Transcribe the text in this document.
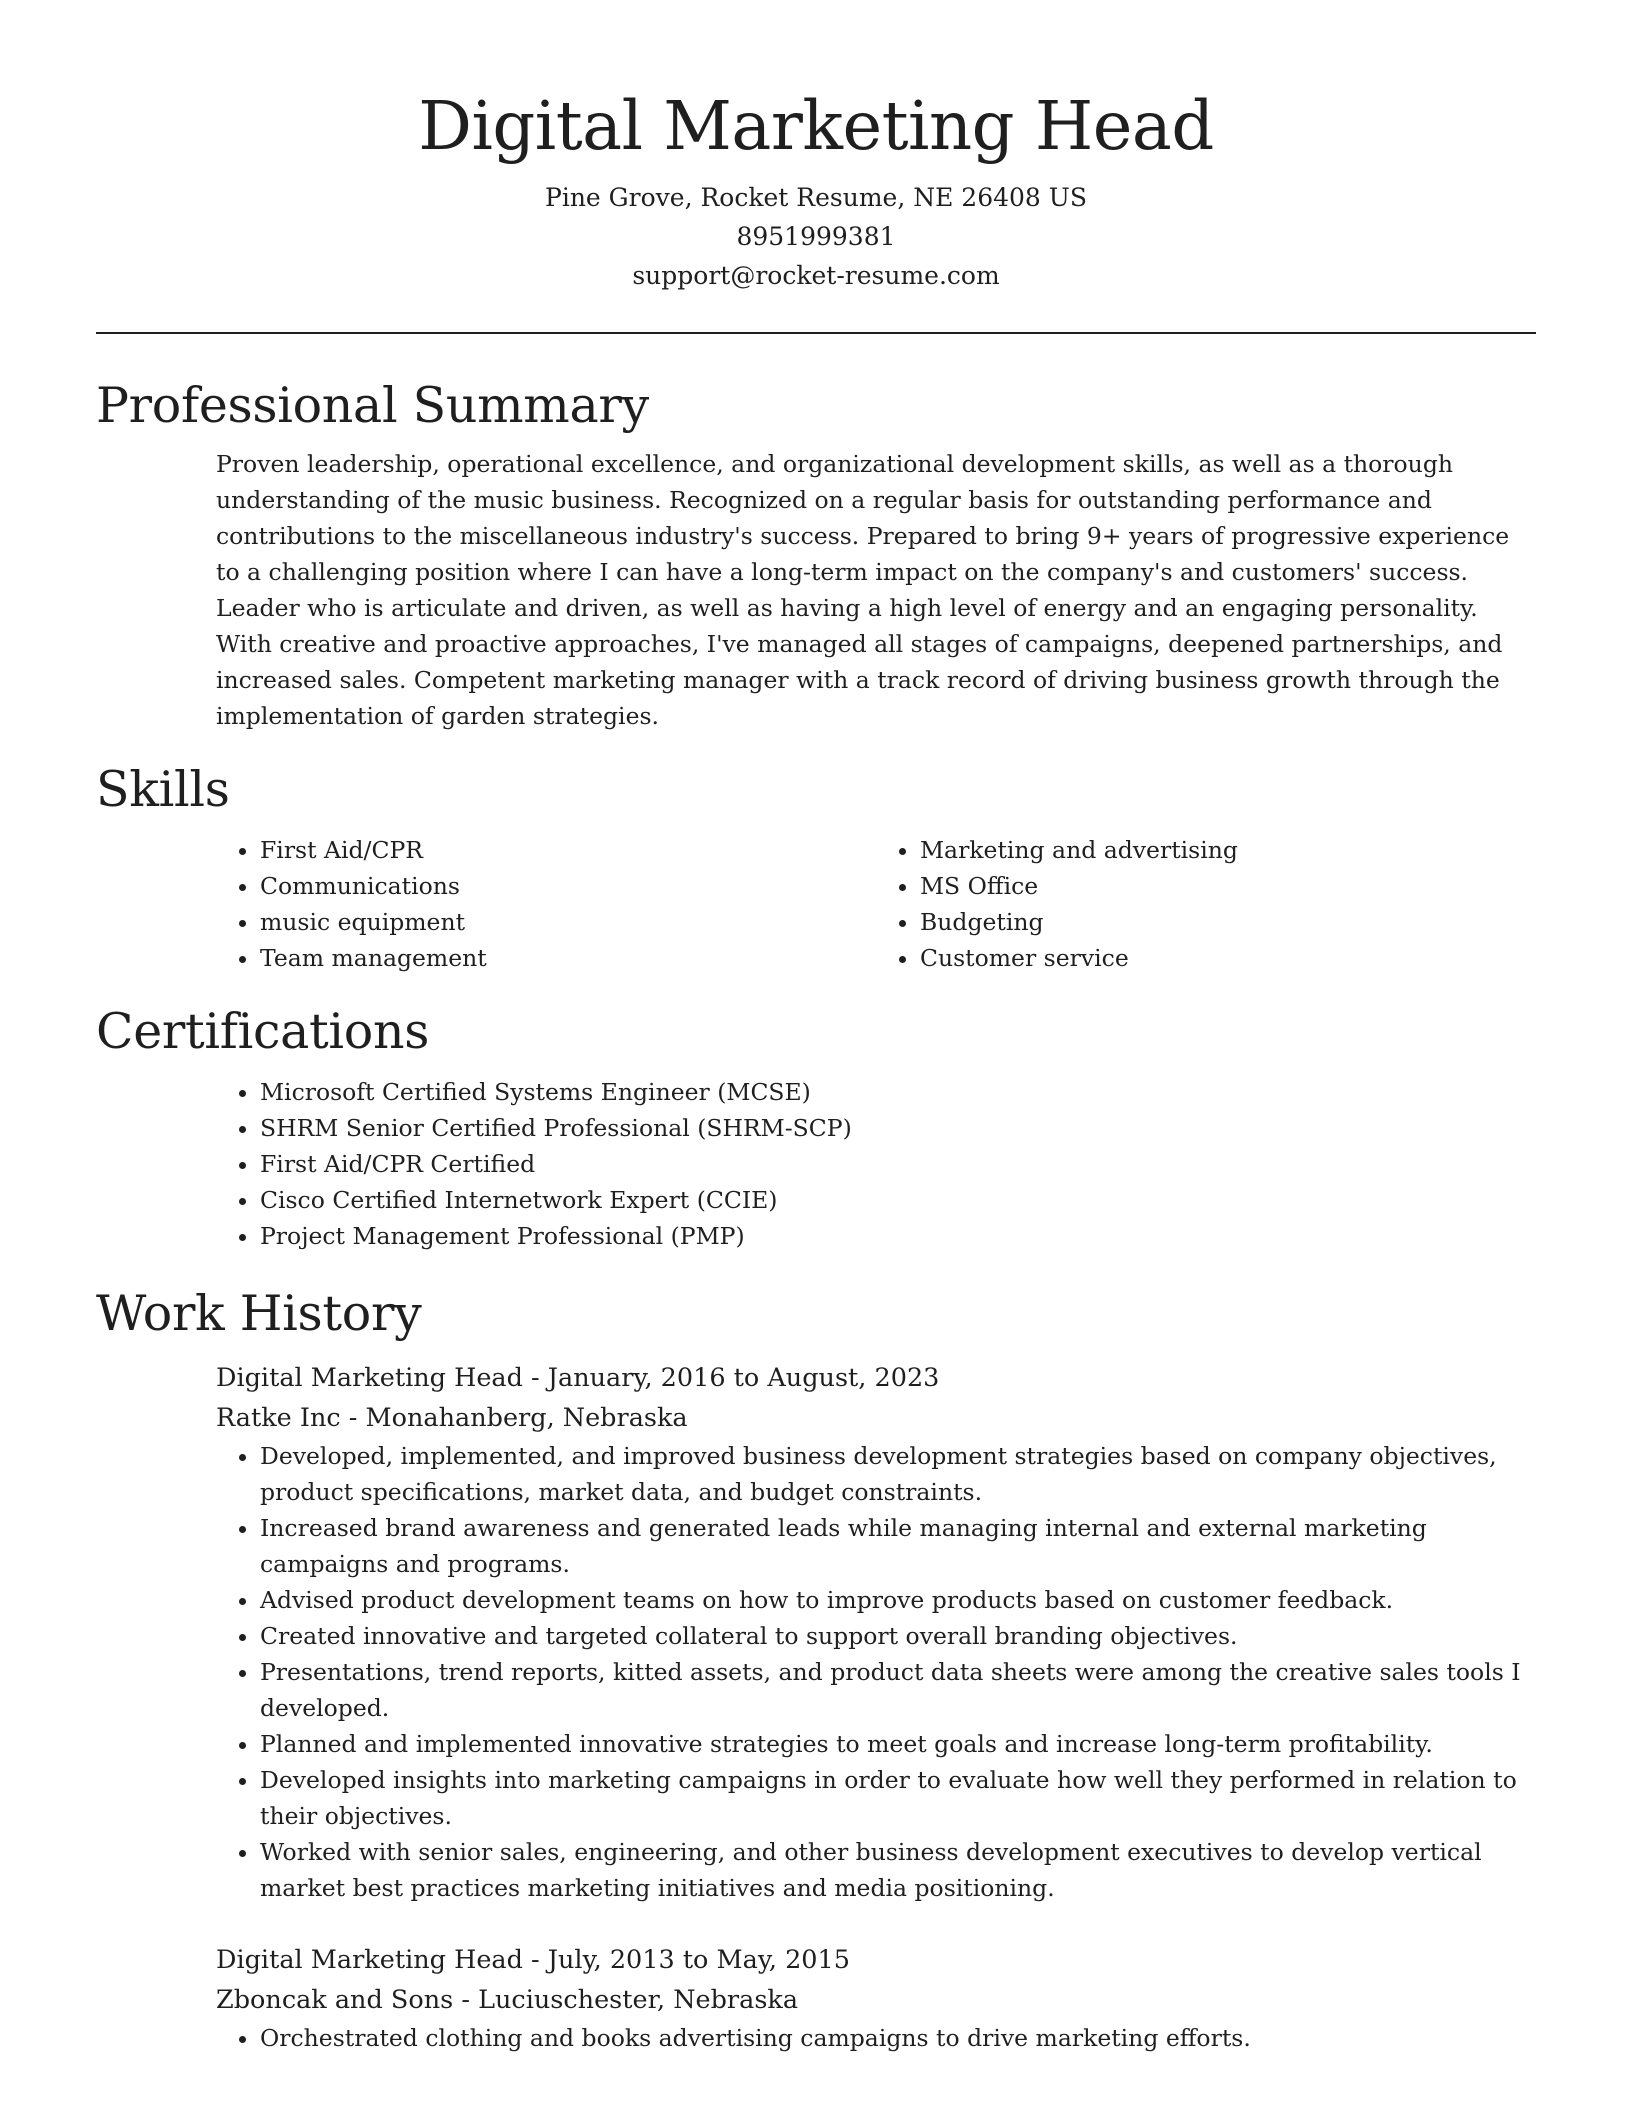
Digital Marketing Head
Pine Grove, Rocket Resume, NE 26408 US
8951999381
support@rocket-resume.com
Professional Summary

Proven leadership, operational excellence, and organizational development skills, as well as a thorough understanding of the music business. Recognized on a regular basis for outstanding performance and contributions to the miscellaneous industry's success. Prepared to bring 9+ years of progressive experience to a challenging position where I can have a long-term impact on the company's and customers' success. Leader who is articulate and driven, as well as having a high level of energy and an engaging personality. With creative and proactive approaches, I've managed all stages of campaigns, deepened partnerships, and increased sales. Competent marketing manager with a track record of driving business growth through the implementation of garden strategies.

Skills
• First Aid/CPR
• Communications
• music equipment
• Team management
• Marketing and advertising
• MS Office
• Budgeting
• Customer service
Certifications
• Microsoft Certified Systems Engineer (MCSE)
• SHRM Senior Certified Professional (SHRM-SCP)
• First Aid/CPR Certified
• Cisco Certified Internetwork Expert (CCIE)
• Project Management Professional (PMP)
Work History
Digital Marketing Head - January, 2016 to August, 2023
Ratke Inc - Monahanberg, Nebraska
• Developed, implemented, and improved business development strategies based on company objectives, product specifications, market data, and budget constraints.
• Increased brand awareness and generated leads while managing internal and external marketing campaigns and programs.
• Advised product development teams on how to improve products based on customer feedback.
• Created innovative and targeted collateral to support overall branding objectives.
• Presentations, trend reports, kitted assets, and product data sheets were among the creative sales tools I developed.
• Planned and implemented innovative strategies to meet goals and increase long-term profitability.
• Developed insights into marketing campaigns in order to evaluate how well they performed in relation to their objectives.
• Worked with senior sales, engineering, and other business development executives to develop vertical market best practices marketing initiatives and media positioning.
Digital Marketing Head - July, 2013 to May, 2015
Zboncak and Sons - Luciuschester, Nebraska
• Orchestrated clothing and books advertising campaigns to drive marketing efforts.
